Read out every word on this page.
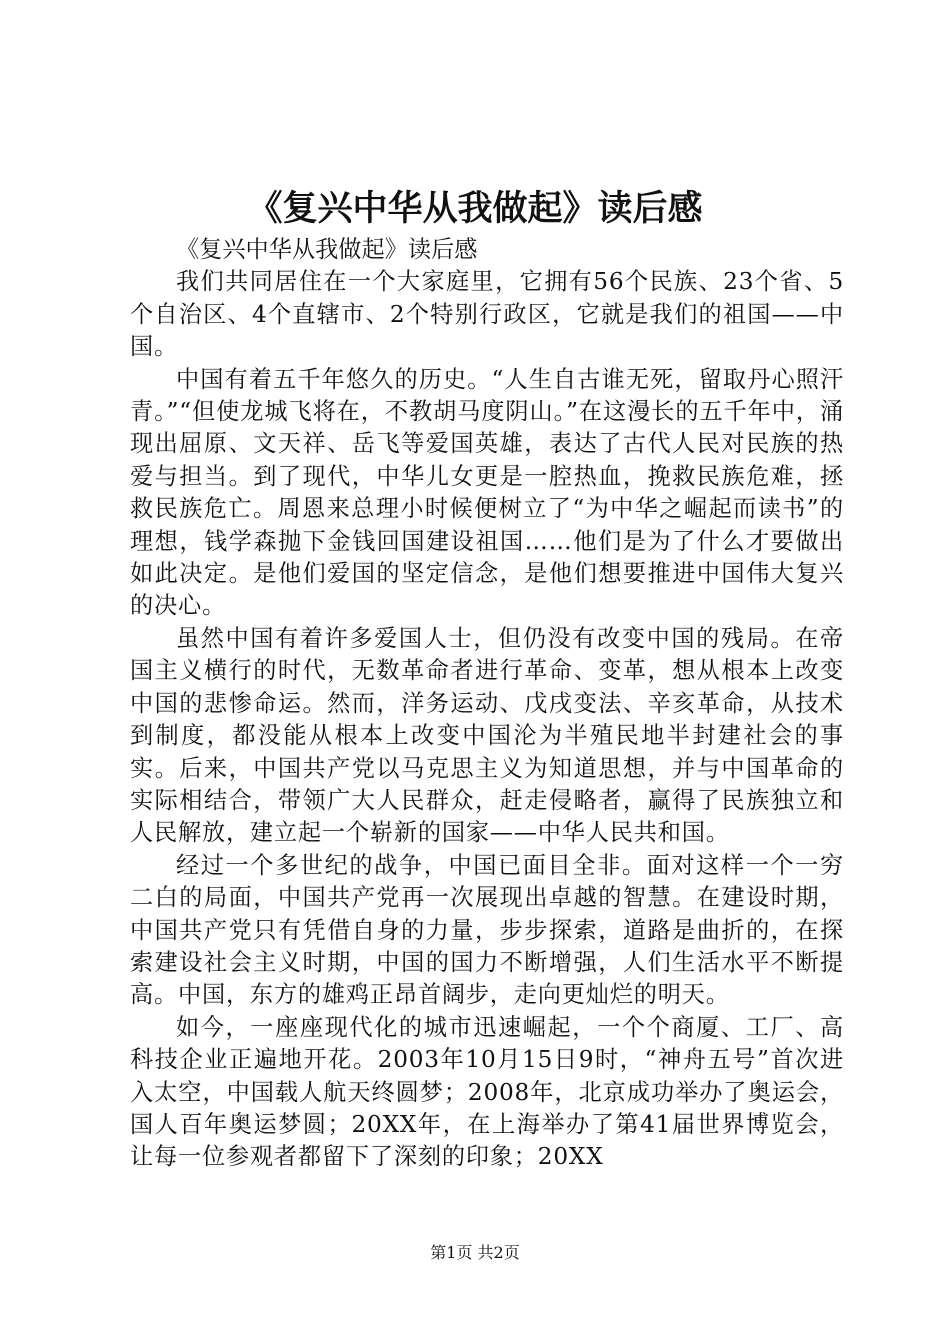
《复兴中华从我做起》读后感

《复兴中华从我做起》读后感

我们共同居住在一个大家庭里，它拥有56个民族、23个省、5个自治区、4个直辖市、2个特别行政区，它就是我们的祖国——中国。

中国有着五千年悠久的历史。“人生自古谁无死，留取丹心照汗青。”“但使龙城飞将在，不教胡马度阴山。”在这漫长的五千年中，涌现出屈原、文天祥、岳飞等爱国英雄，表达了古代人民对民族的热爱与担当。到了现代，中华儿女更是一腔热血，挽救民族危难，拯救民族危亡。周恩来总理小时候便树立了“为中华之崛起而读书”的理想，钱学森抛下金钱回国建设祖国……他们是为了什么才要做出如此决定。是他们爱国的坚定信念，是他们想要推进中国伟大复兴的决心。

虽然中国有着许多爱国人士，但仍没有改变中国的残局。在帝国主义横行的时代，无数革命者进行革命、变革，想从根本上改变中国的悲惨命运。然而，洋务运动、戊戌变法、辛亥革命，从技术到制度，都没能从根本上改变中国沦为半殖民地半封建社会的事实。后来，中国共产党以马克思主义为知道思想，并与中国革命的实际相结合，带领广大人民群众，赶走侵略者，赢得了民族独立和人民解放，建立起一个崭新的国家——中华人民共和国。

经过一个多世纪的战争，中国已面目全非。面对这样一个一穷二白的局面，中国共产党再一次展现出卓越的智慧。在建设时期，中国共产党只有凭借自身的力量，步步探索，道路是曲折的，在探索建设社会主义时期，中国的国力不断增强，人们生活水平不断提高。中国，东方的雄鸡正昂首阔步，走向更灿烂的明天。

如今，一座座现代化的城市迅速崛起，一个个商厦、工厂、高科技企业正遍地开花。2003年10月15日9时，“神舟五号”首次进入太空，中国载人航天终圆梦；2008年，北京成功举办了奥运会，国人百年奥运梦圆；20XX年，在上海举办了第41届世界博览会，让每一位参观者都留下了深刻的印象；20XX

第1页 共2页
